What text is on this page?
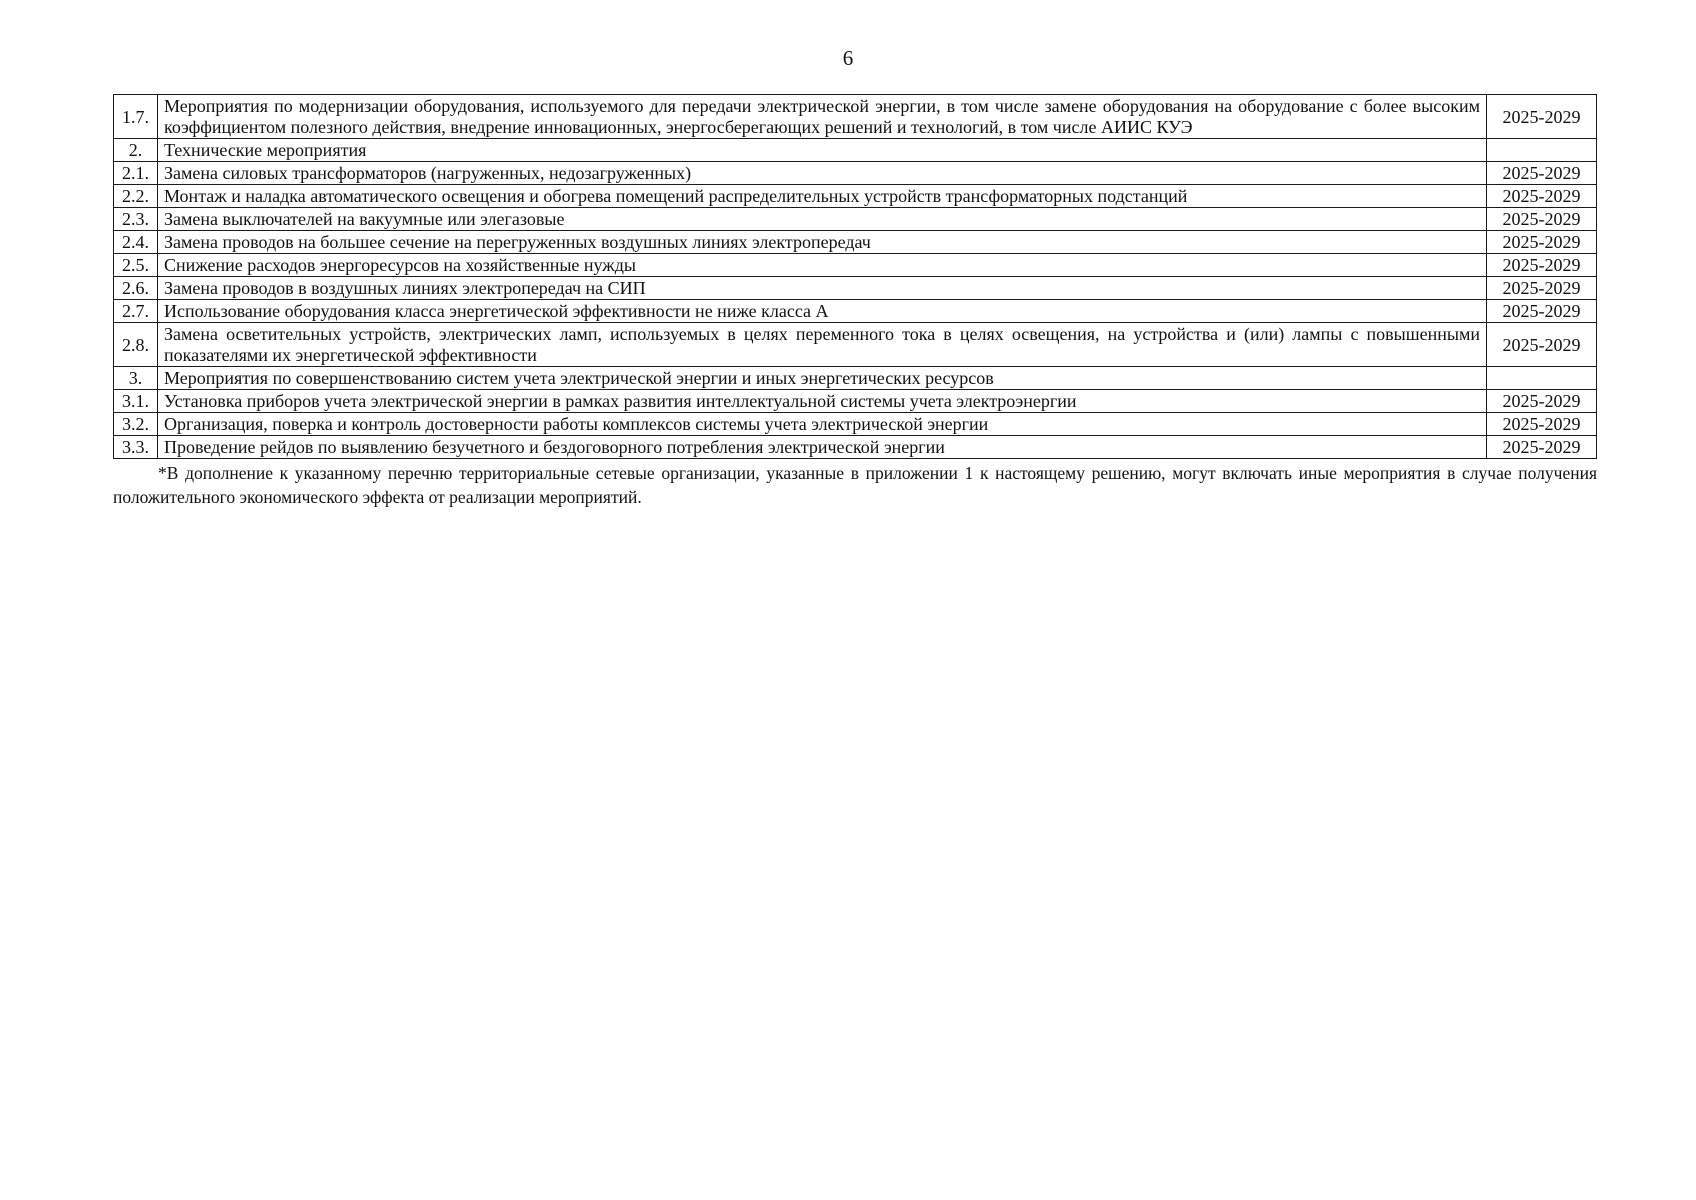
6
1.7.	Мероприятия по модернизации оборудования, используемого для передачи электрической энергии, в том числе замене оборудования на оборудование с более высоким коэффициентом полезного действия, внедрение инновационных, энергосберегающих решений и технологий, в том числе АИИС КУЭ	2025-2029
2.	Технические мероприятия	
2.1.	Замена силовых трансформаторов (нагруженных, недозагруженных)	2025-2029
2.2.	Монтаж и наладка автоматического освещения и обогрева помещений распределительных устройств трансформаторных подстанций	2025-2029
2.3.	Замена выключателей на вакуумные или элегазовые	2025-2029
2.4.	Замена проводов на большее сечение на перегруженных воздушных линиях электропередач	2025-2029
2.5.	Снижение расходов энергоресурсов на хозяйственные нужды	2025-2029
2.6.	Замена проводов в воздушных линиях электропередач на СИП	2025-2029
2.7.	Использование оборудования класса энергетической эффективности не ниже класса А	2025-2029
2.8.	Замена осветительных устройств, электрических ламп, используемых в целях переменного тока в целях освещения, на устройства и (или) лампы с повышенными показателями их энергетической эффективности	2025-2029
3.	Мероприятия по совершенствованию систем учета электрической энергии и иных энергетических ресурсов	
3.1.	Установка приборов учета электрической энергии в рамках развития интеллектуальной системы учета электроэнергии	2025-2029
3.2.	Организация, поверка и контроль достоверности работы комплексов системы учета электрической энергии	2025-2029
3.3.	Проведение рейдов по выявлению безучетного и бездоговорного потребления электрической энергии	2025-2029

*В дополнение к указанному перечню территориальные сетевые организации, указанные в приложении 1 к настоящему решению, могут включать иные мероприятия в случае получения положительного экономического эффекта от реализации мероприятий.
